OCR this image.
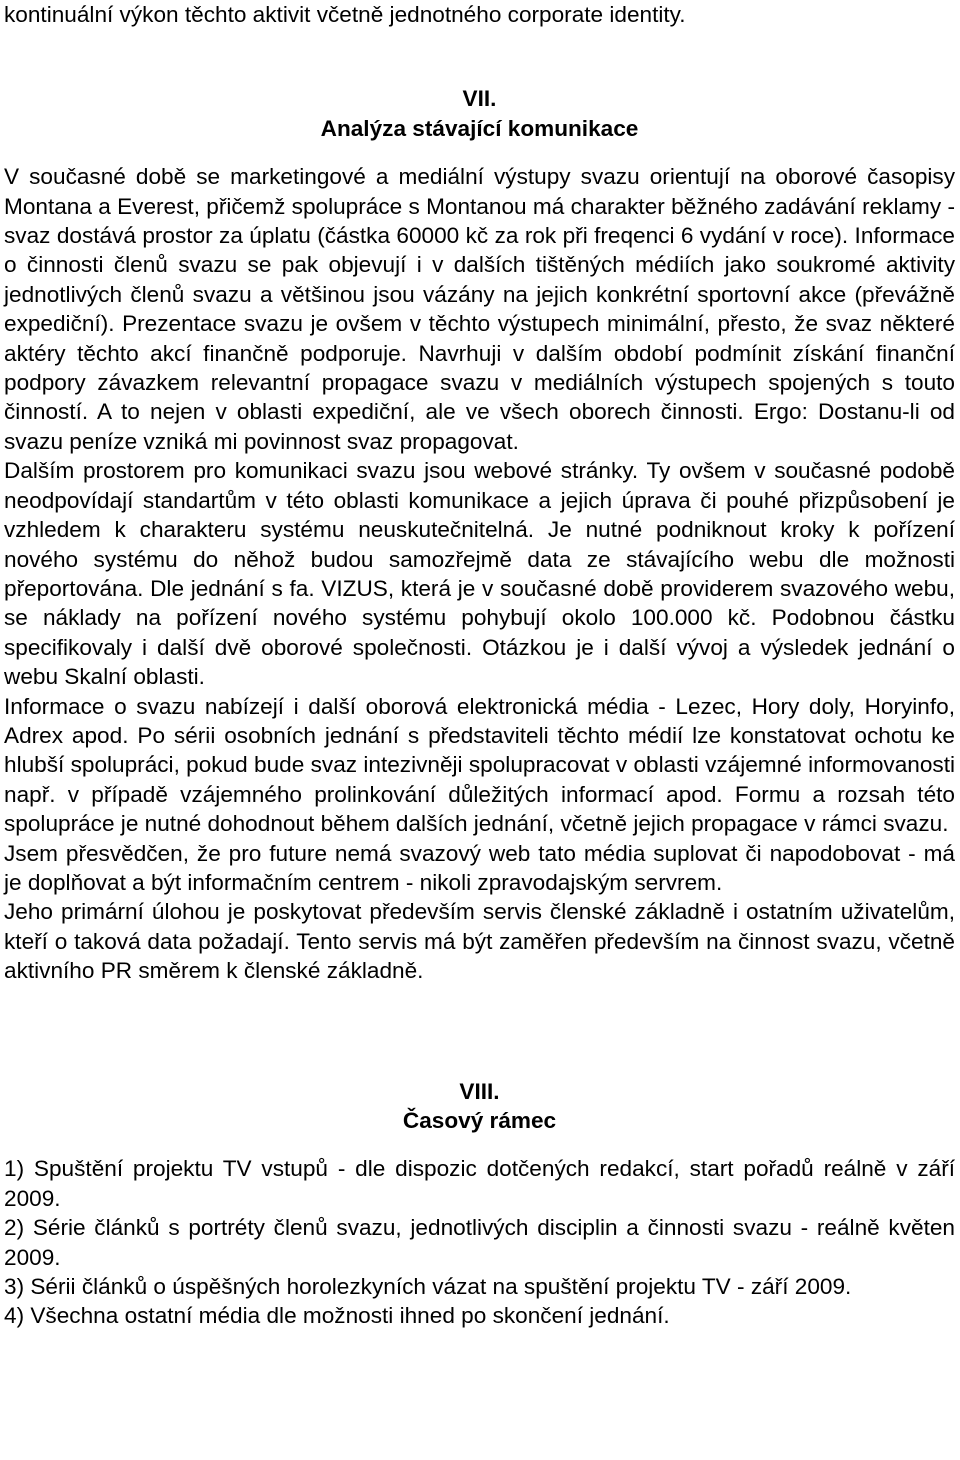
kontinuální výkon těchto aktivit včetně jednotného corporate identity.

VII.
Analýza stávající komunikace

V současné době se marketingové a mediální výstupy svazu orientují na oborové časopisy Montana a Everest, přičemž spolupráce s Montanou má charakter běžného zadávání reklamy - svaz dostává prostor za úplatu (částka 60000 kč za rok při freqenci 6 vydání v roce). Informace o činnosti členů svazu se pak objevují i v dalších tištěných médiích jako soukromé aktivity jednotlivých členů svazu a většinou jsou vázány na jejich konkrétní sportovní akce (převážně expediční). Prezentace svazu je ovšem v těchto výstupech minimální, přesto, že svaz některé aktéry těchto akcí finančně podporuje. Navrhuji v dalším období podmínit získání finanční podpory závazkem relevantní propagace svazu v mediálních výstupech spojených s touto činností. A to nejen v oblasti expediční, ale ve všech oborech činnosti. Ergo: Dostanu-li od svazu peníze vzniká mi povinnost svaz propagovat.

Dalším prostorem pro komunikaci svazu jsou webové stránky. Ty ovšem v současné podobě neodpovídají standartům v této oblasti komunikace a jejich úprava či pouhé přizpůsobení je vzhledem k charakteru systému neuskutečnitelná. Je nutné podniknout kroky k pořízení nového systému do něhož budou samozřejmě data ze stávajícího webu dle možnosti přeportována. Dle jednání s fa. VIZUS, která je v současné době providerem svazového webu, se náklady na pořízení nového systému pohybují okolo 100.000 kč. Podobnou částku specifikovaly i další dvě oborové společnosti. Otázkou je i další vývoj a výsledek jednání o webu Skalní oblasti.

Informace o svazu nabízejí i další oborová elektronická média - Lezec, Hory doly, Horyinfo, Adrex apod. Po sérii osobních jednání s představiteli těchto médií lze konstatovat ochotu ke hlubší spolupráci, pokud bude svaz intezivněji spolupracovat v oblasti vzájemné informovanosti např. v případě vzájemného prolinkování důležitých informací apod. Formu a rozsah této spolupráce je nutné dohodnout během dalších jednání, včetně jejich propagace v rámci svazu.

Jsem přesvědčen, že pro future nemá svazový web tato média suplovat či napodobovat - má je doplňovat a být informačním centrem - nikoli zpravodajským servrem.

Jeho primární úlohou je poskytovat především servis členské základně i ostatním uživatelům, kteří o taková data požadají. Tento servis má být zaměřen především na činnost svazu, včetně aktivního PR směrem k členské základně.

VIII.
Časový rámec
1) Spuštění projektu TV vstupů - dle dispozic dotčených redakcí, start pořadů reálně v září 2009.
2) Série článků s portréty členů svazu, jednotlivých disciplin a činnosti svazu - reálně květen 2009.
3) Sérii článků o úspěšných horolezkyních vázat na spuštění projektu TV - září 2009.
4) Všechna ostatní média dle možnosti ihned po skončení jednání.
